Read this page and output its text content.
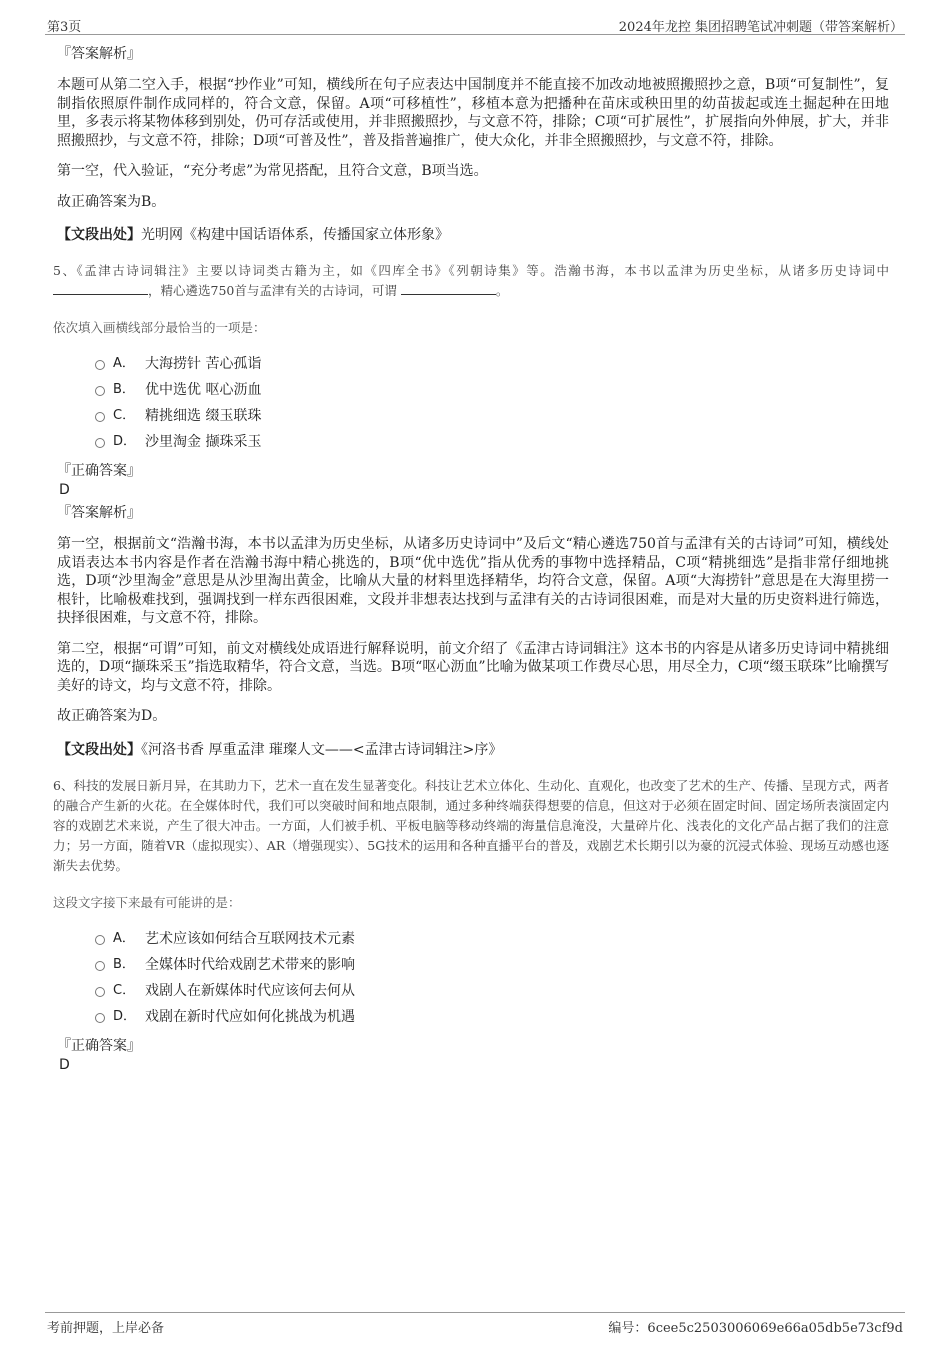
第3页	2024年龙控 集团招聘笔试冲刺题（带答案解析）

『答案解析』

本题可从第二空入手，根据“抄作业”可知，横线所在句子应表达中国制度并不能直接不加改动地被照搬照抄之意，B项“可复制性”，复制指依照原件制作成同样的，符合文意，保留。A项“可移植性”，移植本意为把播种在苗床或秧田里的幼苗拔起或连土掘起种在田地里，多表示将某物体移到别处，仍可存活或使用，并非照搬照抄，与文意不符，排除；C项“可扩展性”，扩展指向外伸展，扩大，并非照搬照抄，与文意不符，排除；D项“可普及性”，普及指普遍推广，使大众化，并非全照搬照抄，与文意不符，排除。

第一空，代入验证，“充分考虑”为常见搭配，且符合文意，B项当选。

故正确答案为B。

【文段出处】光明网《构建中国话语体系，传播国家立体形象》

5、《孟津古诗词辑注》主要以诗词类古籍为主，如《四库全书》《列朝诗集》等。浩瀚书海，本书以孟津为历史坐标，从诸多历史诗词中，精心遴选750首与孟津有关的古诗词，可谓	。

依次填入画横线部分最恰当的一项是：

A． 大海捞针 苦心孤诣
B． 优中选优 呕心沥血
C． 精挑细选 缀玉联珠
D． 沙里淘金 撷珠采玉

『正确答案』

D

『答案解析』

第一空，根据前文“浩瀚书海，本书以孟津为历史坐标，从诸多历史诗词中”及后文“精心遴选750首与孟津有关的古诗词”可知，横线处成语表达本书内容是作者在浩瀚书海中精心挑选的，B项“优中选优”指从优秀的事物中选择精品，C项“精挑细选”是指非常仔细地挑选，D项“沙里淘金”意思是从沙里淘出黄金，比喻从大量的材料里选择精华，均符合文意，保留。A项“大海捞针”意思是在大海里捞一根针，比喻极难找到，强调找到一样东西很困难，文段并非想表达找到与孟津有关的古诗词很困难，而是对大量的历史资料进行筛选，抉择很困难，与文意不符，排除。

第二空，根据“可谓”可知，前文对横线处成语进行解释说明，前文介绍了《孟津古诗词辑注》这本书的内容是从诸多历史诗词中精挑细选的，D项“撷珠采玉”指选取精华，符合文意，当选。B项“呕心沥血”比喻为做某项工作费尽心思，用尽全力，C项“缀玉联珠”比喻撰写美好的诗文，均与文意不符，排除。

故正确答案为D。

【文段出处】《河洛书香 厚重孟津 璀璨人文——<孟津古诗词辑注>序》

6、科技的发展日新月异，在其助力下，艺术一直在发生显著变化。科技让艺术立体化、生动化、直观化，也改变了艺术的生产、传播、呈现方式，两者的融合产生新的火花。在全媒体时代，我们可以突破时间和地点限制，通过多种终端获得想要的信息，但这对于必须在固定时间、固定场所表演固定内容的戏剧艺术来说，产生了很大冲击。一方面，人们被手机、平板电脑等移动终端的海量信息淹没，大量碎片化、浅表化的文化产品占据了我们的注意力；另一方面，随着VR（虚拟现实）、AR（增强现实）、5G技术的运用和各种直播平台的普及，戏剧艺术长期引以为豪的沉浸式体验、现场互动感也逐渐失去优势。

这段文字接下来最有可能讲的是：

A． 艺术应该如何结合互联网技术元素
B． 全媒体时代给戏剧艺术带来的影响
C． 戏剧人在新媒体时代应该何去何从
D． 戏剧在新时代应如何化挑战为机遇

『正确答案』

D

考前押题，上岸必备	编号：6cee5c2503006069e66a05db5e73cf9d
